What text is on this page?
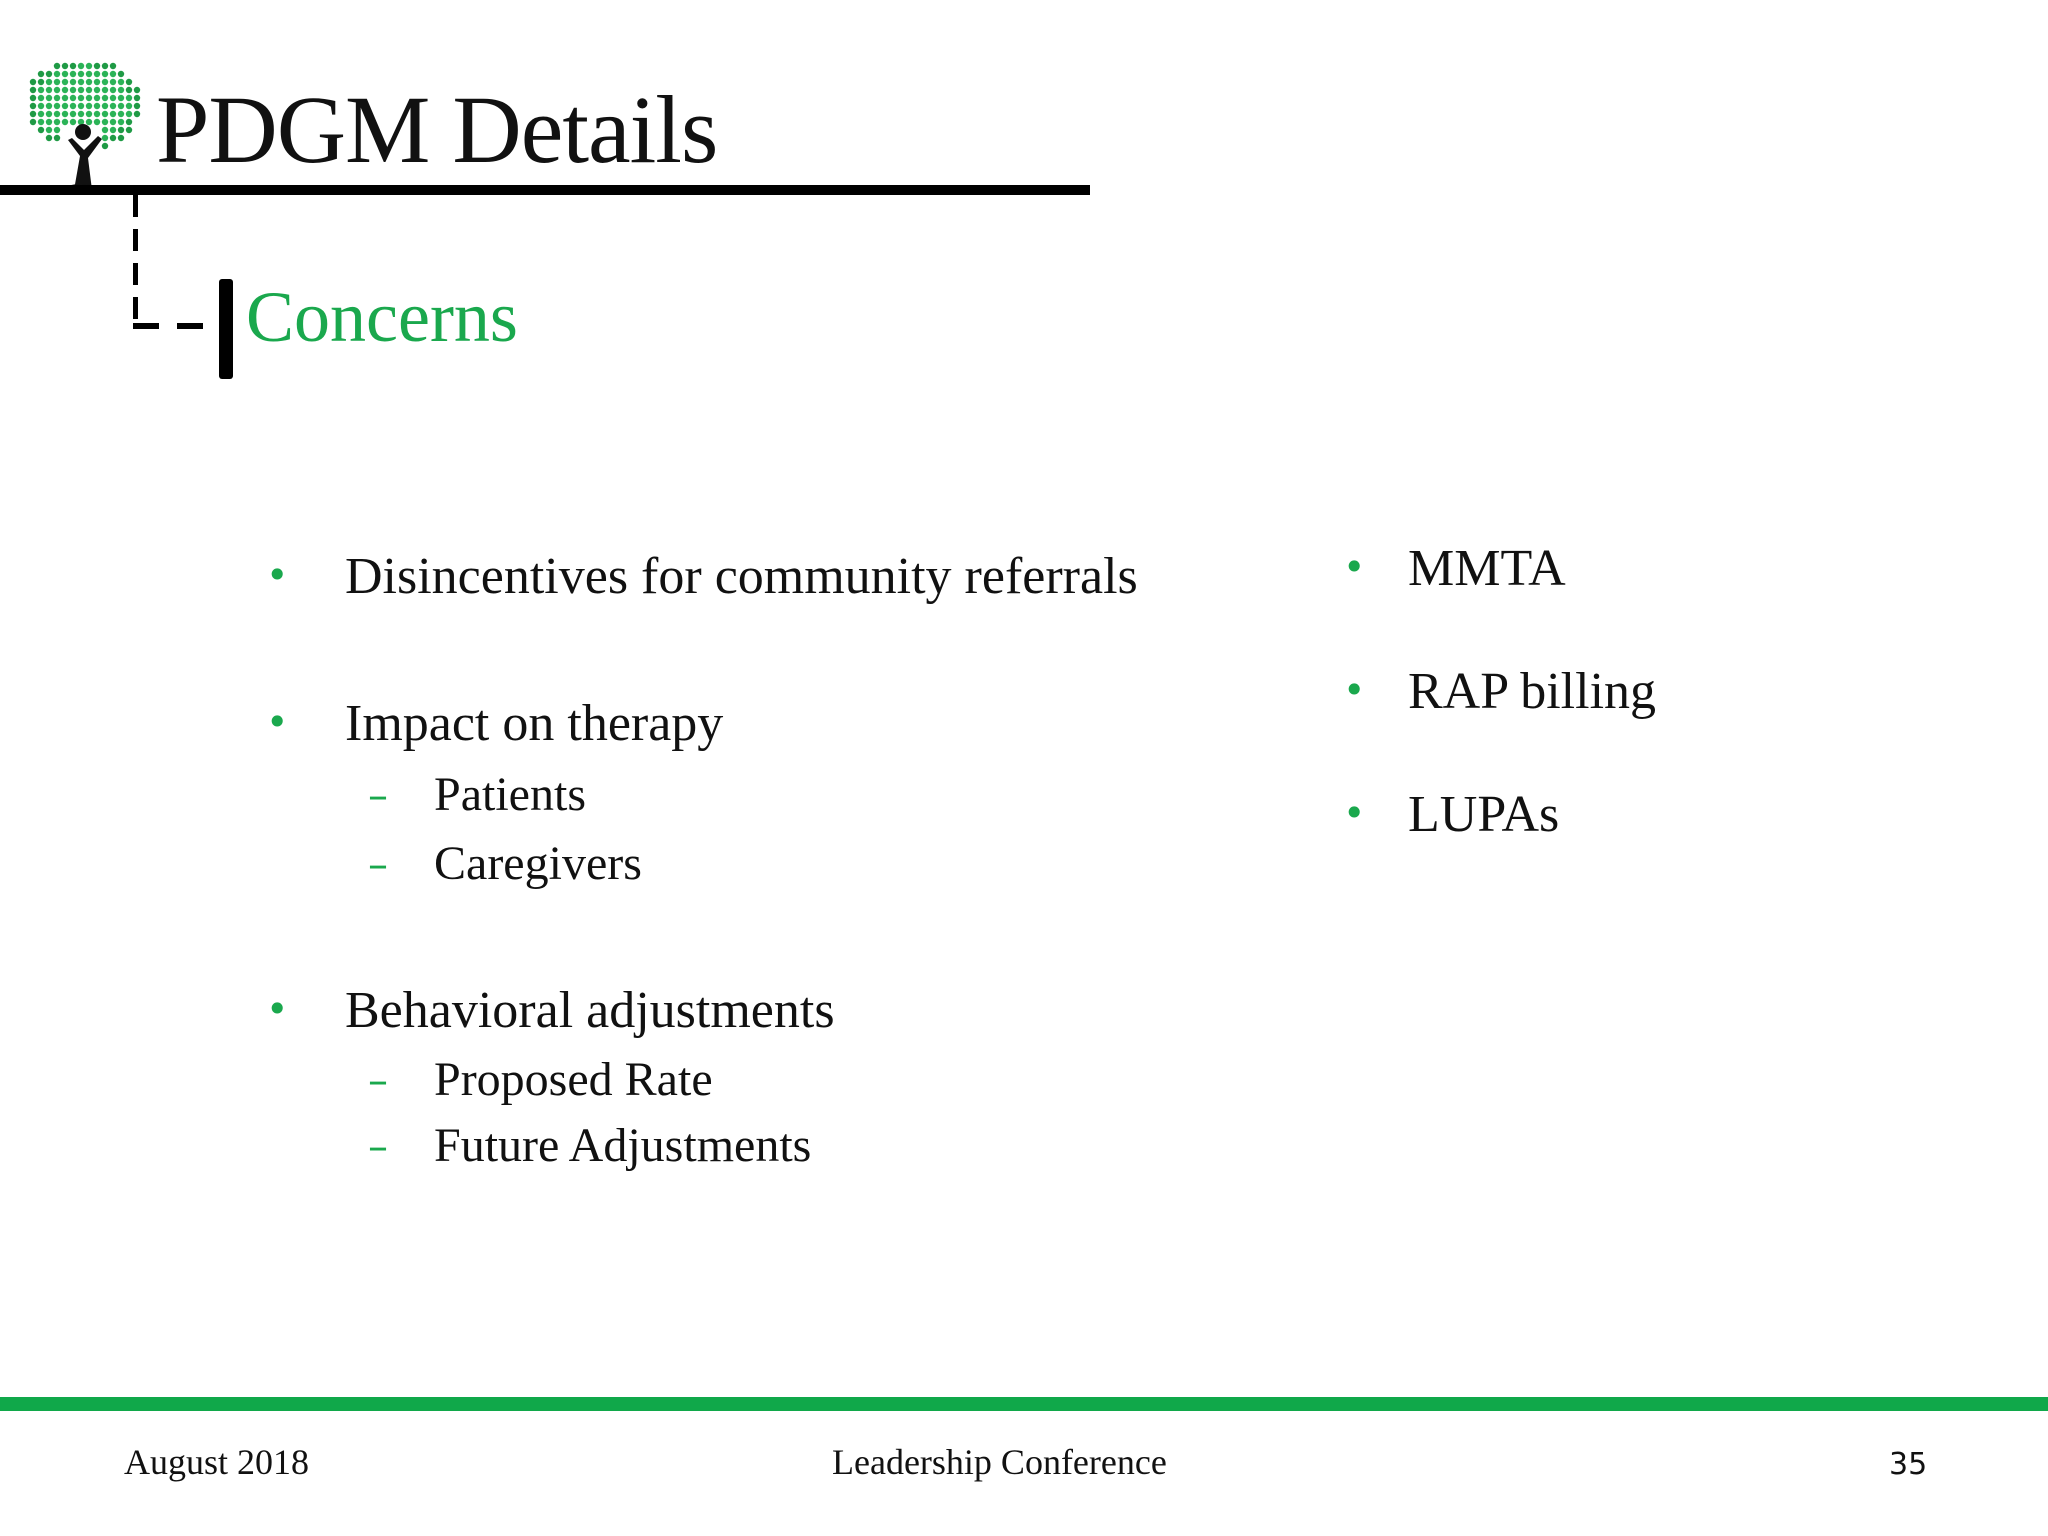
PDGM Details
Concerns
• Disincentives for community referrals
• Impact on therapy
– Patients
– Caregivers
• Behavioral adjustments
– Proposed Rate
– Future Adjustments
• MMTA
• RAP billing
• LUPAs
August 2018	Leadership Conference	35
